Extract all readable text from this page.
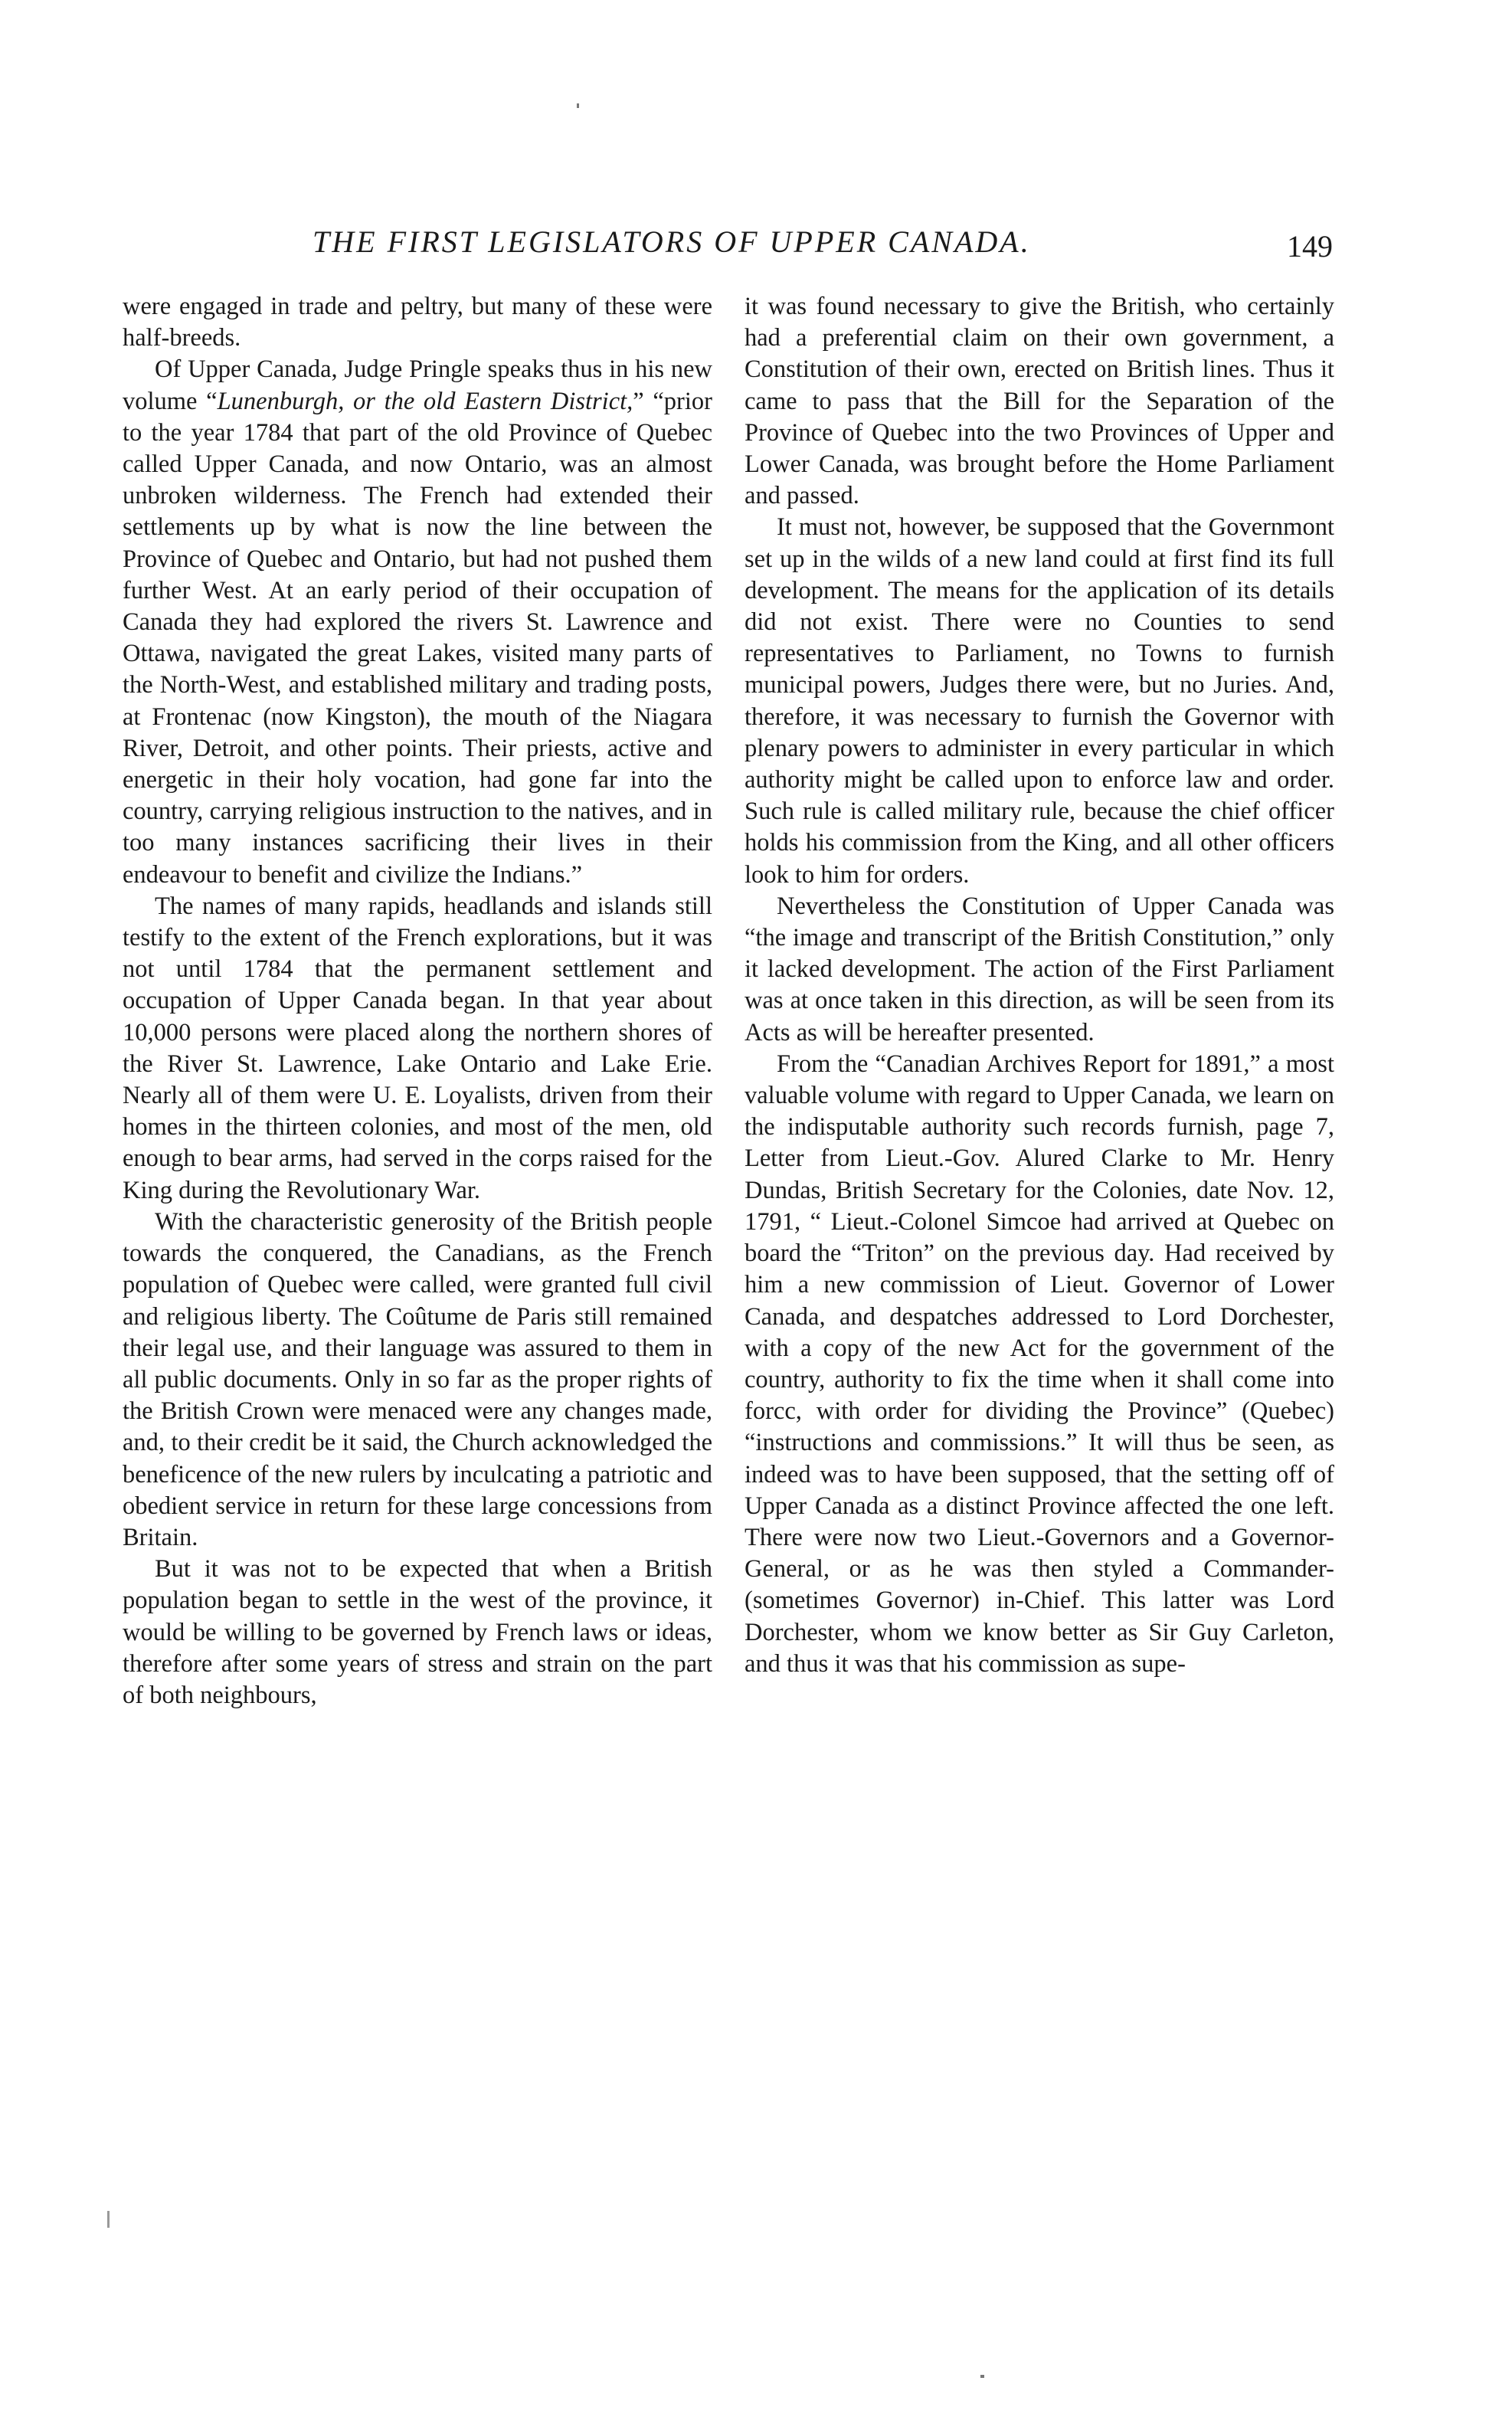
THE FIRST LEGISLATORS OF UPPER CANADA.	149

were engaged in trade and peltry, but many of these were half-breeds.

Of Upper Canada, Judge Pringle speaks thus in his new volume “Lunenburgh, or the old Eastern District,” “prior to the year 1784 that part of the old Province of Quebec called Upper Canada, and now Ontario, was an almost unbroken wilderness. The French had extended their settlements up by what is now the line between the Province of Quebec and Ontario, but had not pushed them further West. At an early period of their occupation of Canada they had explored the rivers St. Lawrence and Ottawa, navigated the great Lakes, visited many parts of the North-West, and established military and trading posts, at Frontenac (now Kingston), the mouth of the Niagara River, Detroit, and other points. Their priests, active and energetic in their holy vocation, had gone far into the country, carrying religious instruction to the natives, and in too many instances sacrificing their lives in their endeavour to benefit and civilize the Indians.”

The names of many rapids, headlands and islands still testify to the extent of the French explorations, but it was not until 1784 that the permanent settlement and occupation of Upper Canada began. In that year about 10,000 persons were placed along the northern shores of the River St. Lawrence, Lake Ontario and Lake Erie. Nearly all of them were U. E. Loyalists, driven from their homes in the thirteen colonies, and most of the men, old enough to bear arms, had served in the corps raised for the King during the Revolutionary War.

With the characteristic generosity of the British people towards the conquered, the Canadians, as the French population of Quebec were called, were granted full civil and religious liberty. The Coûtume de Paris still remained their legal use, and their language was assured to them in all public documents. Only in so far as the proper rights of the British Crown were menaced were any changes made, and, to their credit be it said, the Church acknowledged the beneficence of the new rulers by inculcating a patriotic and obedient service in return for these large concessions from Britain.

But it was not to be expected that when a British population began to settle in the west of the province, it would be willing to be governed by French laws or ideas, therefore after some years of stress and strain on the part of both neighbours,

it was found necessary to give the British, who certainly had a preferential claim on their own government, a Constitution of their own, erected on British lines. Thus it came to pass that the Bill for the Separation of the Province of Quebec into the two Provinces of Upper and Lower Canada, was brought before the Home Parliament and passed.

It must not, however, be supposed that the Governmont set up in the wilds of a new land could at first find its full development. The means for the application of its details did not exist. There were no Counties to send representatives to Parliament, no Towns to furnish municipal powers, Judges there were, but no Juries. And, therefore, it was necessary to furnish the Governor with plenary powers to administer in every particular in which authority might be called upon to enforce law and order. Such rule is called military rule, because the chief officer holds his commission from the King, and all other officers look to him for orders.

Nevertheless the Constitution of Upper Canada was “the image and transcript of the British Constitution,” only it lacked development. The action of the First Parliament was at once taken in this direction, as will be seen from its Acts as will be hereafter presented.

From the “Canadian Archives Report for 1891,” a most valuable volume with regard to Upper Canada, we learn on the indisputable authority such records furnish, page 7, Letter from Lieut.-Gov. Alured Clarke to Mr. Henry Dundas, British Secretary for the Colonies, date Nov. 12, 1791, “ Lieut.-Colonel Simcoe had arrived at Quebec on board the “Triton” on the previous day. Had received by him a new commission of Lieut. Governor of Lower Canada, and despatches addressed to Lord Dorchester, with a copy of the new Act for the government of the country, authority to fix the time when it shall come into forcc, with order for dividing the Province” (Quebec) “instructions and commissions.” It will thus be seen, as indeed was to have been supposed, that the setting off of Upper Canada as a distinct Province affected the one left. There were now two Lieut.-Governors and a Governor-General, or as he was then styled a Commander-(sometimes Governor) in-Chief. This latter was Lord Dorchester, whom we know better as Sir Guy Carleton, and thus it was that his commission as supe-
